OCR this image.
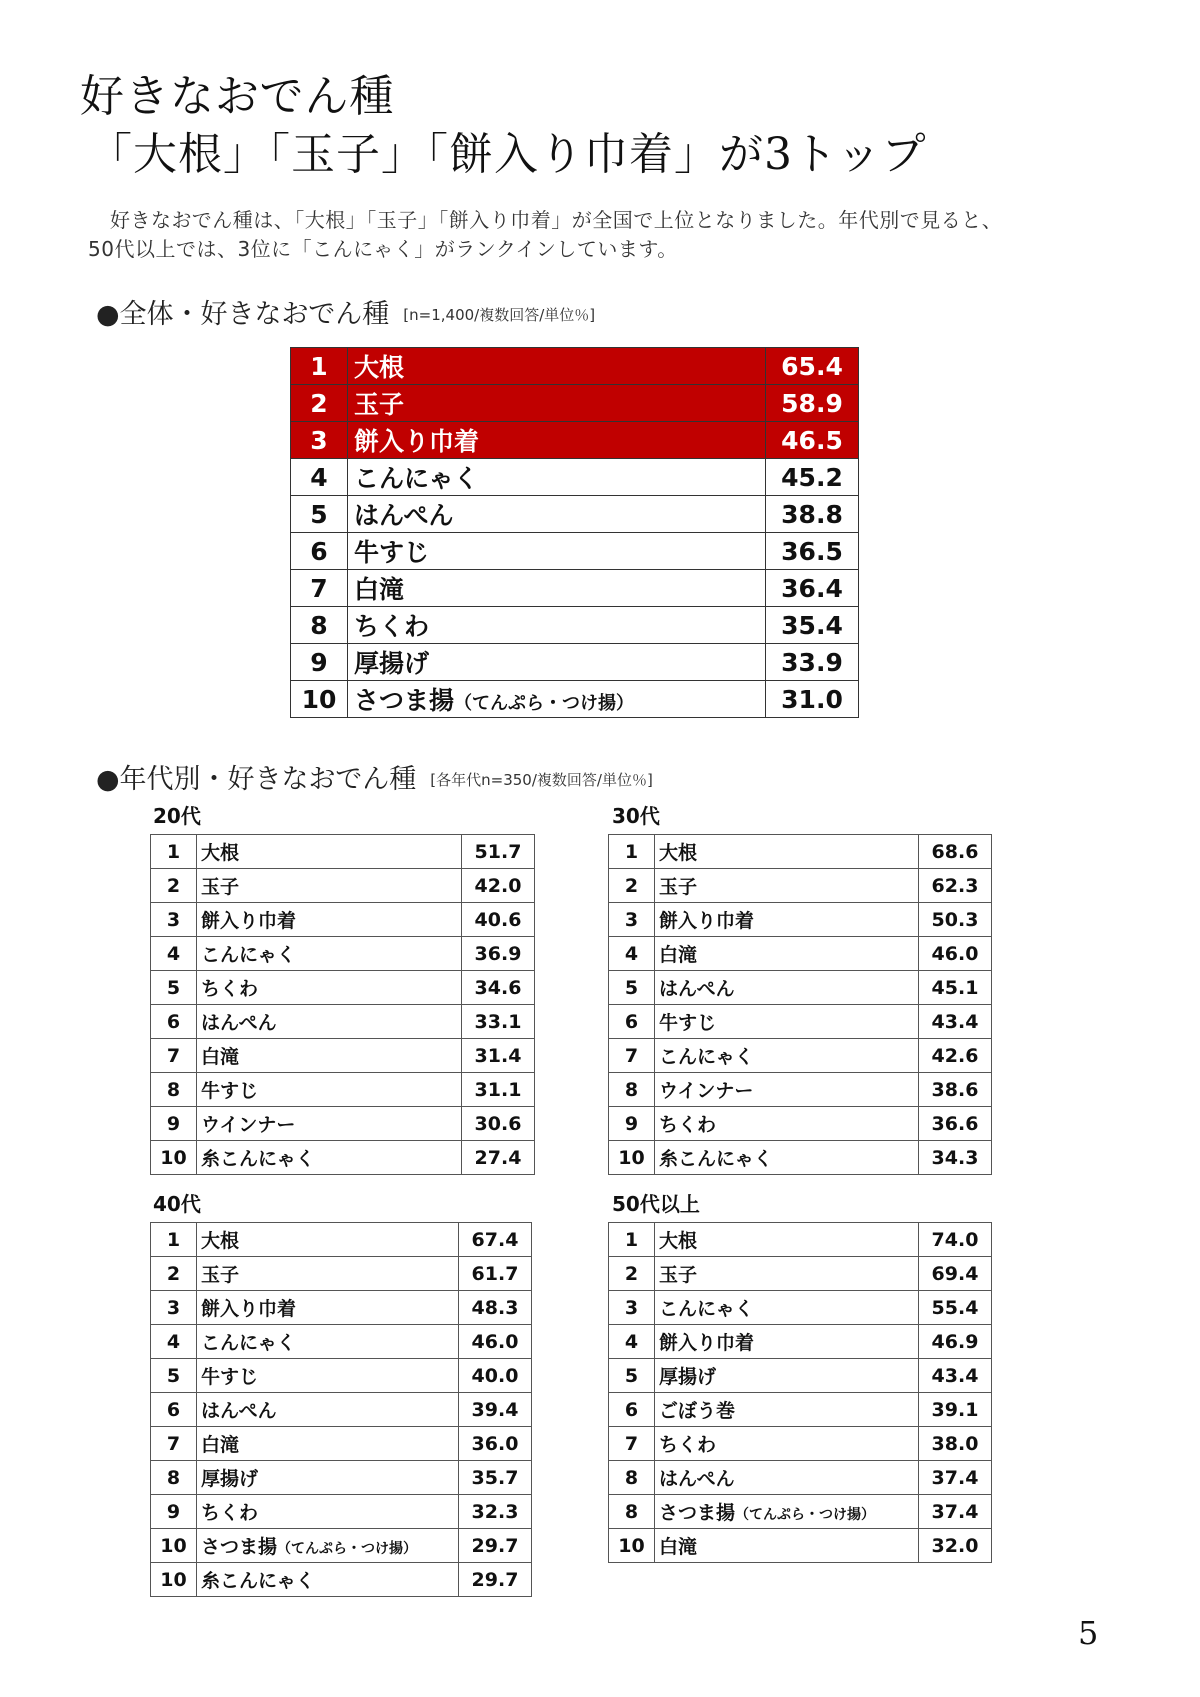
好きなおでん種
「大根」「玉子」「餅入り巾着」が3トップ
好きなおでん種は、「大根」「玉子」「餅入り巾着」が全国で上位となりました。年代別で見ると、
50代以上では、3位に「こんにゃく」がランクインしています。
●全体・好きなおでん種 [n=1,400/複数回答/単位％]
1	大根	65.4
2	玉子	58.9
3	餅入り巾着	46.5
4	こんにゃく	45.2
5	はんぺん	38.8
6	牛すじ	36.5
7	白滝	36.4
8	ちくわ	35.4
9	厚揚げ	33.9
10	さつま揚（てんぷら・つけ揚）	31.0
●年代別・好きなおでん種 [各年代n=350/複数回答/単位％]
20代
1	大根	51.7
2	玉子	42.0
3	餅入り巾着	40.6
4	こんにゃく	36.9
5	ちくわ	34.6
6	はんぺん	33.1
7	白滝	31.4
8	牛すじ	31.1
9	ウインナー	30.6
10	糸こんにゃく	27.4
30代
1	大根	68.6
2	玉子	62.3
3	餅入り巾着	50.3
4	白滝	46.0
5	はんぺん	45.1
6	牛すじ	43.4
7	こんにゃく	42.6
8	ウインナー	38.6
9	ちくわ	36.6
10	糸こんにゃく	34.3
40代
1	大根	67.4
2	玉子	61.7
3	餅入り巾着	48.3
4	こんにゃく	46.0
5	牛すじ	40.0
6	はんぺん	39.4
7	白滝	36.0
8	厚揚げ	35.7
9	ちくわ	32.3
10	さつま揚（てんぷら・つけ揚）	29.7
10	糸こんにゃく	29.7
50代以上
1	大根	74.0
2	玉子	69.4
3	こんにゃく	55.4
4	餅入り巾着	46.9
5	厚揚げ	43.4
6	ごぼう巻	39.1
7	ちくわ	38.0
8	はんぺん	37.4
8	さつま揚（てんぷら・つけ揚）	37.4
10	白滝	32.0
5
